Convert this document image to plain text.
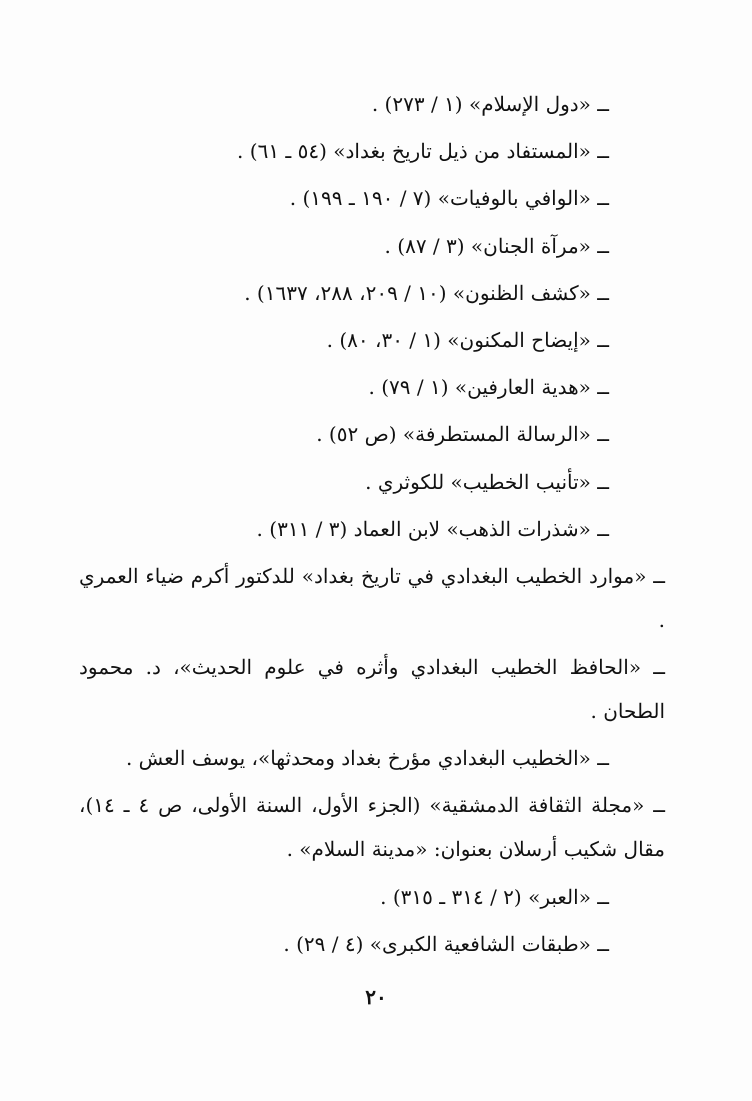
ــ «دول الإسلام» (١ / ٢٧٣) .

ــ «المستفاد من ذيل تاريخ بغداد» (٥٤ ـ ٦١) .

ــ «الوافي بالوفيات» (٧ / ١٩٠ ـ ١٩٩) .

ــ «مرآة الجنان» (٣ / ٨٧) .

ــ «كشف الظنون» (١٠ / ٢٠٩، ٢٨٨، ١٦٣٧) .

ــ «إيضاح المكنون» (١ / ٣٠، ٨٠) .

ــ «هدية العارفين» (١ / ٧٩) .

ــ «الرسالة المستطرفة» (ص ٥٢) .

ــ «تأنيب الخطيب» للكوثري .

ــ «شذرات الذهب» لابن العماد (٣ / ٣١١) .

ــ «موارد الخطيب البغدادي في تاريخ بغداد» للدكتور أكرم ضياء العمري .

ــ «الحافظ الخطيب البغدادي وأثره في علوم الحديث»، د. محمود الطحان .

ــ «الخطيب البغدادي مؤرخ بغداد ومحدثها»، يوسف العش .

ــ «مجلة الثقافة الدمشقية» (الجزء الأول، السنة الأولى، ص ٤ ـ ١٤)، مقال شكيب أرسلان بعنوان: «مدينة السلام» .

ــ «العبر» (٢ / ٣١٤ ـ ٣١٥) .

ــ «طبقات الشافعية الكبرى» (٤ / ٢٩) .

٢٠
